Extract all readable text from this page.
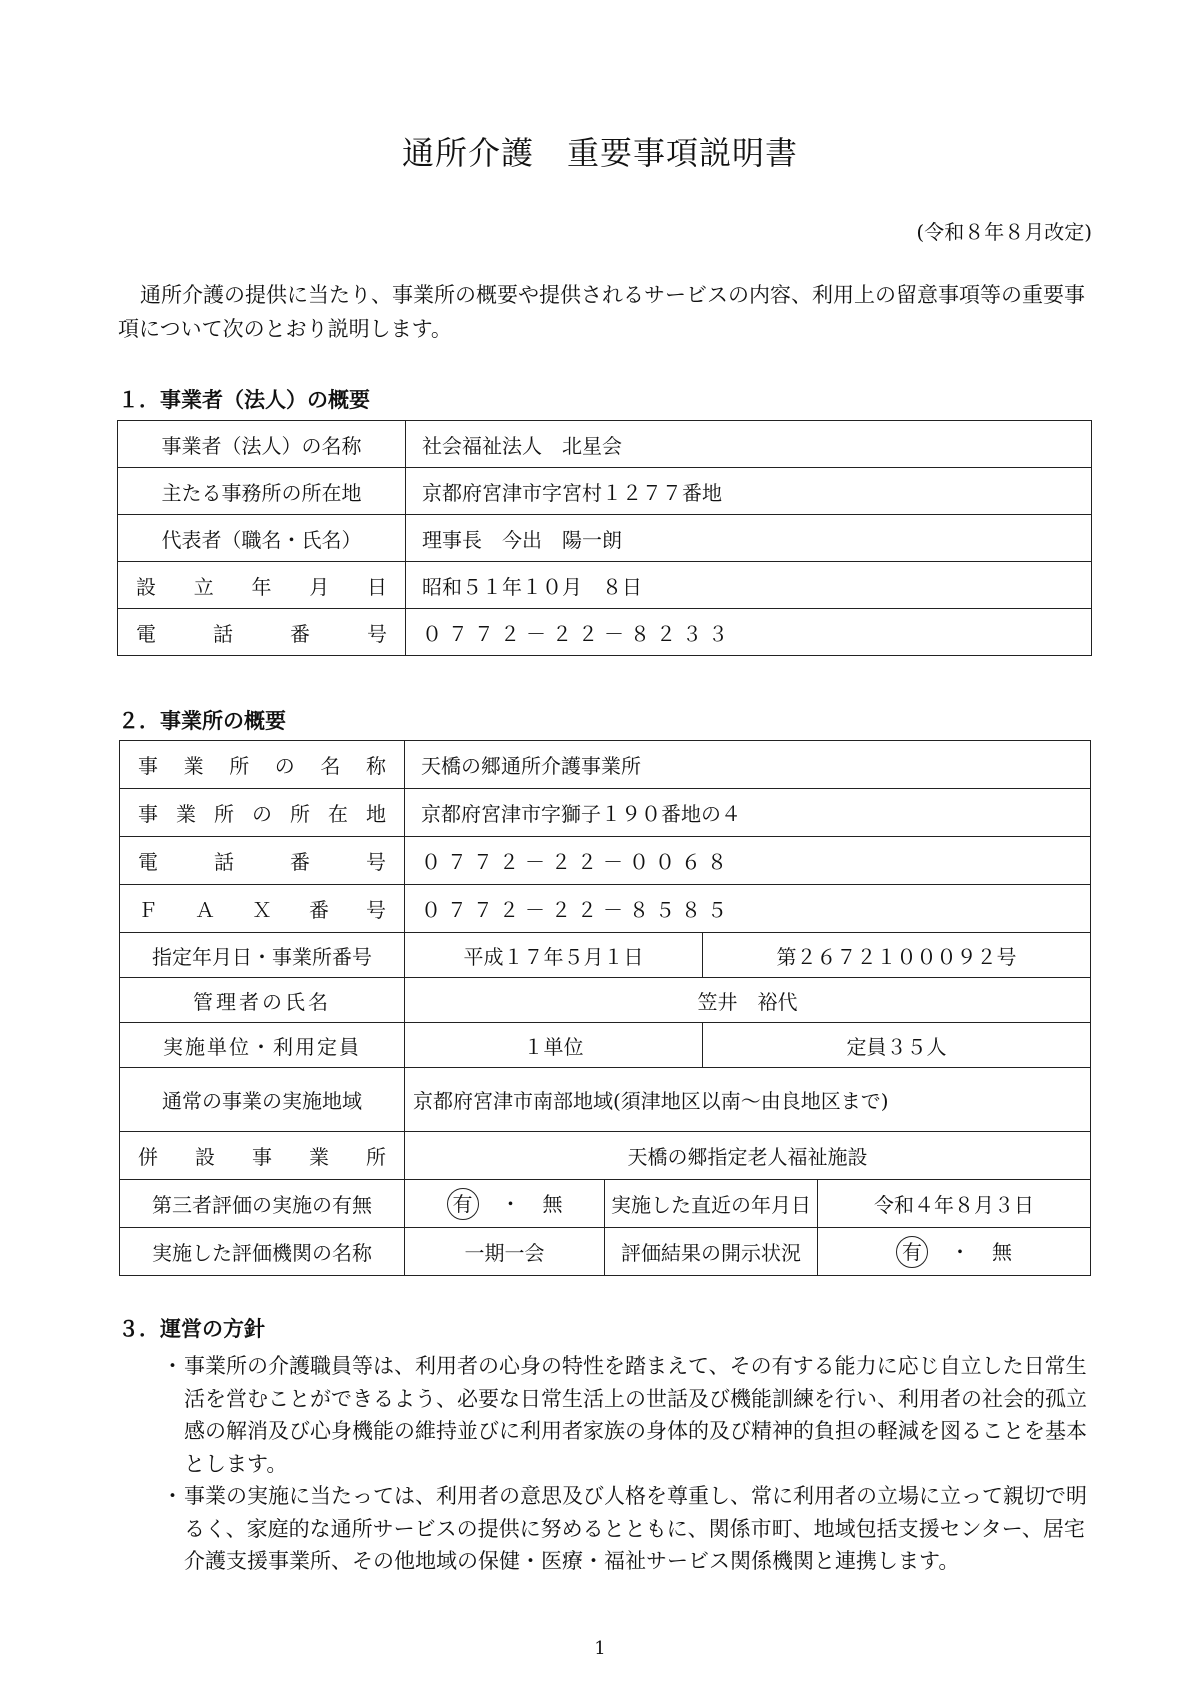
通所介護　重要事項説明書
(令和８年８月改定)

通所介護の提供に当たり、事業所の概要や提供されるサービスの内容、利用上の留意事項等の重要事項について次のとおり説明します。

１．事業者（法人）の概要
事業者（法人）の名称	社会福祉法人　北星会
主たる事務所の所在地	京都府宮津市字宮村１２７７番地
代表者（職名・氏名）	理事長　今出　陽一朗
設立年月日	昭和５１年１０月　８日
電話番号	０７７２－２２－８２３３
２．事業所の概要
事業所の名称	天橋の郷通所介護事業所			
事業所の所在地	京都府宮津市字獅子１９０番地の４			
電話番号	０７７２－２２－００６８			
ＦＡＸ番号	０７７２－２２－８５８５			
指定年月日・事業所番号	平成１７年５月１日		第２６７２１０００９２号	
管理者の氏名	笠井　裕代			
実施単位・利用定員	１単位		定員３５人	
通常の事業の実施地域	京都府宮津市南部地域(須津地区以南～由良地区まで)			
併設事業所	天橋の郷指定老人福祉施設			
第三者評価の実施の有無	有 ・ 無	実施した直近の年月日		令和４年８月３日
実施した評価機関の名称	一期一会	評価結果の開示状況		有 ・ 無
３．運営の方針
・ 事業所の介護職員等は、利用者の心身の特性を踏まえて、その有する能力に応じ自立した日常生活を営むことができるよう、必要な日常生活上の世話及び機能訓練を行い、利用者の社会的孤立感の解消及び心身機能の維持並びに利用者家族の身体的及び精神的負担の軽減を図ることを基本とします。
・ 事業の実施に当たっては、利用者の意思及び人格を尊重し、常に利用者の立場に立って親切で明るく、家庭的な通所サービスの提供に努めるとともに、関係市町、地域包括支援センター、居宅介護支援事業所、その他地域の保健・医療・福祉サービス関係機関と連携します。
1
